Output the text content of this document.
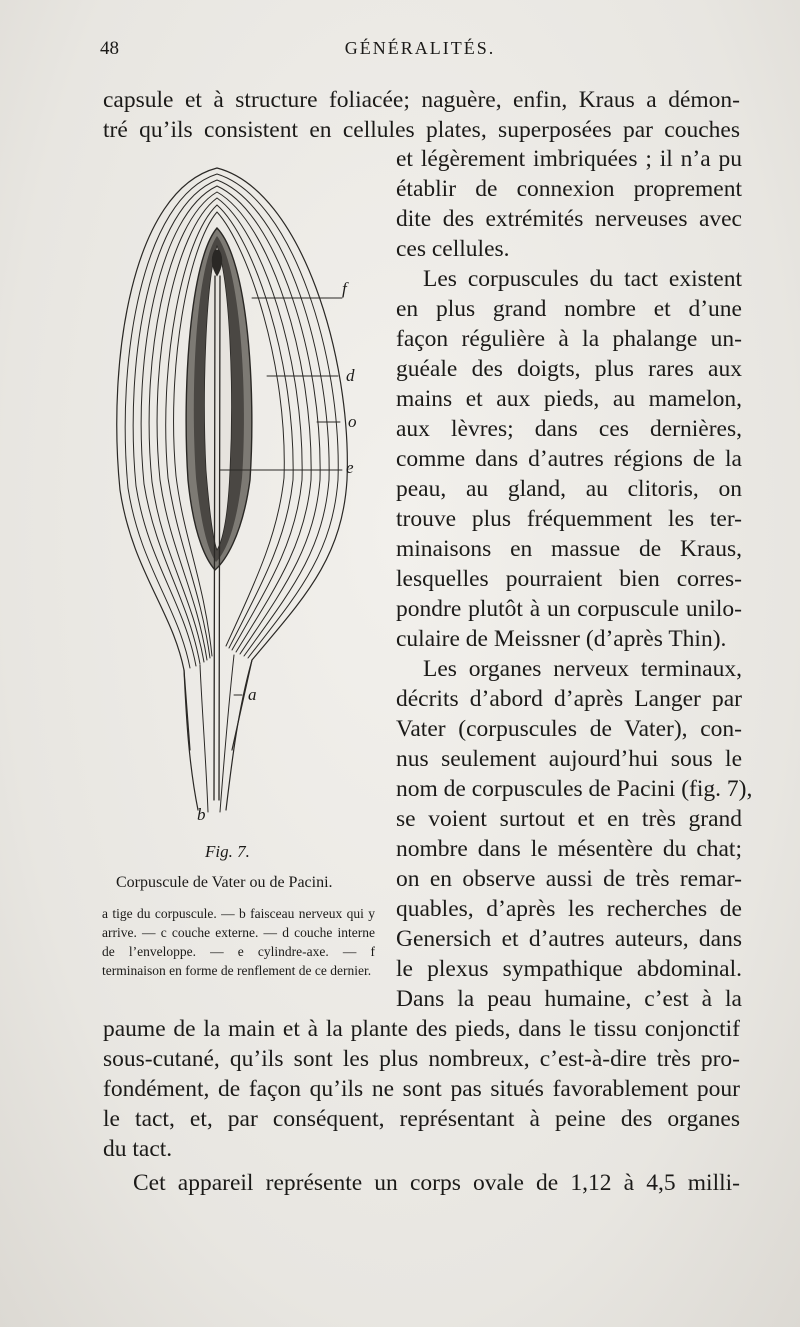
48	GÉNÉRALITÉS.
capsule et à structure foliacée; naguère, enfin, Kraus a démon-
tré qu’ils consistent en cellules plates, superposées par couches
et légèrement imbriquées ; il n’a pu
établir de connexion proprement
dite des extrémités nerveuses avec
ces cellules.
Les corpuscules du tact existent
en plus grand nombre et d’une
façon régulière à la phalange un-
guéale des doigts, plus rares aux
mains et aux pieds, au mamelon,
aux lèvres; dans ces dernières,
comme dans d’autres régions de la
peau, au gland, au clitoris, on
trouve plus fréquemment les ter-
minaisons en massue de Kraus,
lesquelles pourraient bien corres-
pondre plutôt à un corpuscule unilo-
culaire de Meissner (d’après Thin).
Les organes nerveux terminaux,
décrits d’abord d’après Langer par
Vater (corpuscules de Vater), con-
nus seulement aujourd’hui sous le
nom de corpuscules de Pacini (fig. 7),
se voient surtout et en très grand
nombre dans le mésentère du chat;
on en observe aussi de très remar-
quables, d’après les recherches de
Genersich et d’autres auteurs, dans
le plexus sympathique abdominal.
Dans la peau humaine, c’est à la
paume de la main et à la plante des pieds, dans le tissu conjonctif
sous-cutané, qu’ils sont les plus nombreux, c’est-à-dire très pro-
fondément, de façon qu’ils ne sont pas situés favorablement pour
le tact, et, par conséquent, représentant à peine des organes
du tact.
Cet appareil représente un corps ovale de 1,12 à 4,5 milli-
f
d
o
e
a
b
Fig. 7.
Corpuscule de Vater ou de Pacini.
a tige du corpuscule. — b faisceau nerveux qui y arrive. — c couche externe. — d couche interne de l’enveloppe. — e cylindre-axe. — f terminaison en forme de renflement de ce dernier.
